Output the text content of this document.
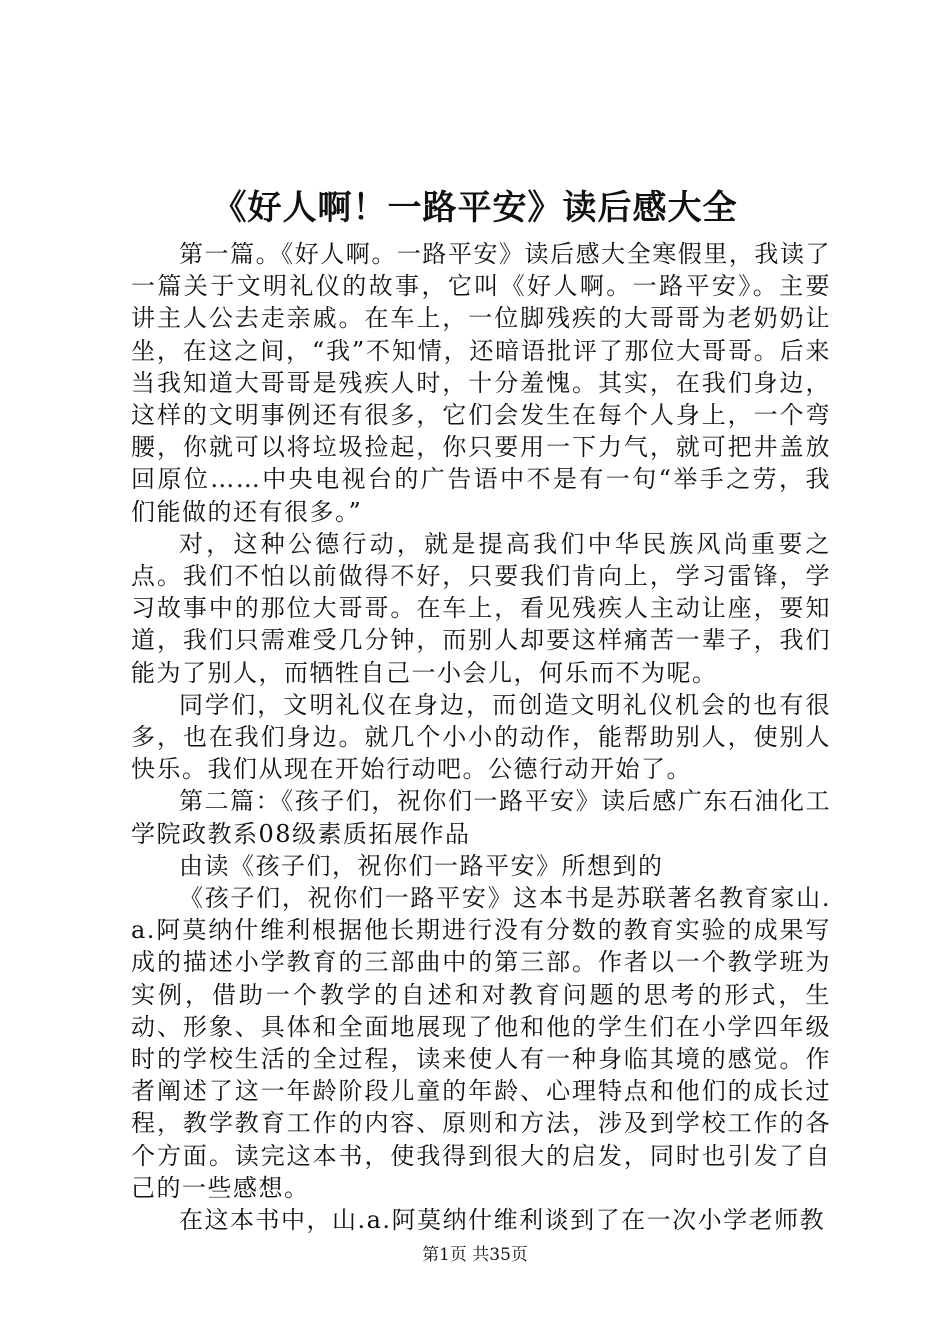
《好人啊！一路平安》读后感大全

第一篇。《好人啊。一路平安》读后感大全寒假里，我读了一篇关于文明礼仪的故事，它叫《好人啊。一路平安》。主要讲主人公去走亲戚。在车上，一位脚残疾的大哥哥为老奶奶让坐，在这之间，“我”不知情，还暗语批评了那位大哥哥。后来当我知道大哥哥是残疾人时，十分羞愧。其实，在我们身边，这样的文明事例还有很多，它们会发生在每个人身上，一个弯腰，你就可以将垃圾捡起，你只要用一下力气，就可把井盖放回原位……中央电视台的广告语中不是有一句“举手之劳，我们能做的还有很多。”

对，这种公德行动，就是提高我们中华民族风尚重要之点。我们不怕以前做得不好，只要我们肯向上，学习雷锋，学习故事中的那位大哥哥。在车上，看见残疾人主动让座，要知道，我们只需难受几分钟，而别人却要这样痛苦一辈子，我们能为了别人，而牺牲自己一小会儿，何乐而不为呢。

同学们，文明礼仪在身边，而创造文明礼仪机会的也有很多，也在我们身边。就几个小小的动作，能帮助别人，使别人快乐。我们从现在开始行动吧。公德行动开始了。

第二篇：《孩子们，祝你们一路平安》读后感广东石油化工学院政教系08级素质拓展作品

由读《孩子们，祝你们一路平安》所想到的

《孩子们，祝你们一路平安》这本书是苏联著名教育家山.a.阿莫纳什维利根据他长期进行没有分数的教育实验的成果写成的描述小学教育的三部曲中的第三部。作者以一个教学班为实例，借助一个教学的自述和对教育问题的思考的形式，生动、形象、具体和全面地展现了他和他的学生们在小学四年级时的学校生活的全过程，读来使人有一种身临其境的感觉。作者阐述了这一年龄阶段儿童的年龄、心理特点和他们的成长过程，教学教育工作的内容、原则和方法，涉及到学校工作的各个方面。读完这本书，使我得到很大的启发，同时也引发了自己的一些感想。

在这本书中，山.a.阿莫纳什维利谈到了在一次小学老师教

第1页 共35页
